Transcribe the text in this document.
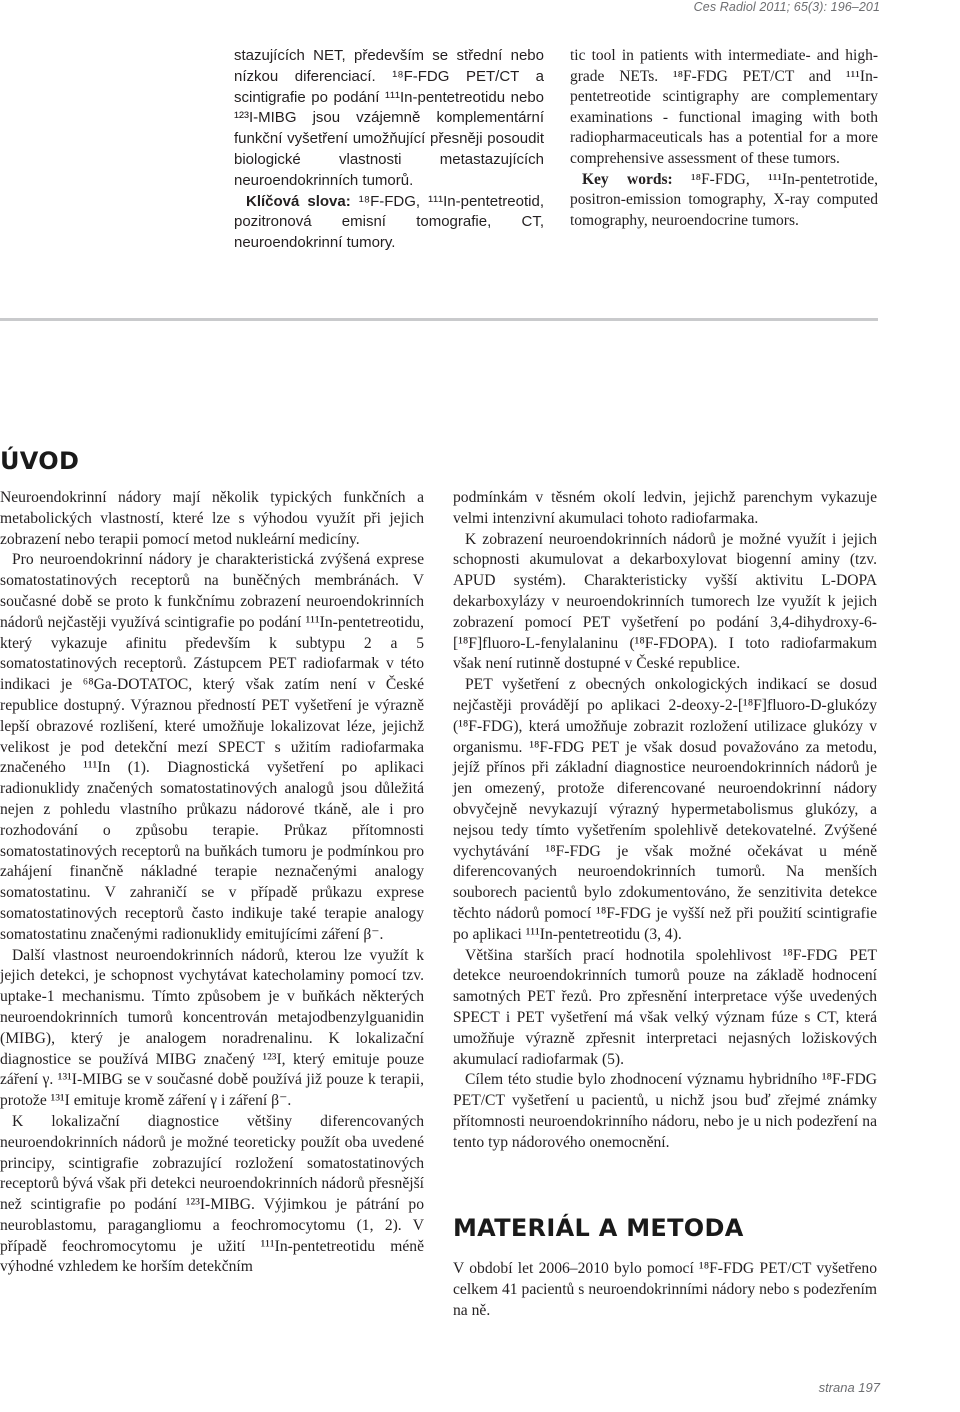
Ces Radiol 2011; 65(3): 196–201

stazujících NET, především se střední nebo nízkou diferenciací. ¹⁸F-FDG PET/CT a scintigrafie po podání ¹¹¹In-pentetreotidu nebo ¹²³I-MIBG jsou vzájemně komplementární funkční vyšetření umožňující přesněji posoudit biologické vlastnosti metastazujících neuroendokrinních tumorů.

Klíčová slova: ¹⁸F-FDG, ¹¹¹In-pentetreotid, pozitronová emisní tomografie, CT, neuroendokrinní tumory.

tic tool in patients with intermediate- and high-grade NETs. ¹⁸F-FDG PET/CT and ¹¹¹In-pentetreotide scintigraphy are complementary examinations - functional imaging with both radiopharmaceuticals has a potential for a more comprehensive assessment of these tumors.

Key words: ¹⁸F-FDG, ¹¹¹In-pentetrotide, positron-emission tomography, X-ray computed tomography, neuroendocrine tumors.

ÚVOD

Neuroendokrinní nádory mají několik typických funkčních a metabolických vlastností, které lze s výhodou využít při jejich zobrazení nebo terapii pomocí metod nukleární medicíny.

Pro neuroendokrinní nádory je charakteristická zvýšená exprese somatostatinových receptorů na buněčných membránách. V současné době se proto k funkčnímu zobrazení neuroendokrinních nádorů nejčastěji využívá scintigrafie po podání ¹¹¹In-pentetreotidu, který vykazuje afinitu především k subtypu 2 a 5 somatostatinových receptorů. Zástupcem PET radiofarmak v této indikaci je ⁶⁸Ga-DOTATOC, který však zatím není v České republice dostupný. Výraznou předností PET vyšetření je výrazně lepší obrazové rozlišení, které umožňuje lokalizovat léze, jejichž velikost je pod detekční mezí SPECT s užitím radiofarmaka značeného ¹¹¹In (1). Diagnostická vyšetření po aplikaci radionuklidy značených somatostatinových analogů jsou důležitá nejen z pohledu vlastního průkazu nádorové tkáně, ale i pro rozhodování o způsobu terapie. Průkaz přítomnosti somatostatinových receptorů na buňkách tumoru je podmínkou pro zahájení finančně nákladné terapie neznačenými analogy somatostatinu. V zahraničí se v případě průkazu exprese somatostatinových receptorů často indikuje také terapie analogy somatostatinu značenými radionuklidy emitujícími záření β⁻.

Další vlastnost neuroendokrinních nádorů, kterou lze využít k jejich detekci, je schopnost vychytávat katecholaminy pomocí tzv. uptake-1 mechanismu. Tímto způsobem je v buňkách některých neuroendokrinních tumorů koncentrován metajodbenzylguanidin (MIBG), který je analogem noradrenalinu. K lokalizační diagnostice se používá MIBG značený ¹²³I, který emituje pouze záření γ. ¹³¹I-MIBG se v současné době používá již pouze k terapii, protože ¹³¹I emituje kromě záření γ i záření β⁻.

K lokalizační diagnostice většiny diferencovaných neuroendokrinních nádorů je možné teoreticky použít oba uvedené principy, scintigrafie zobrazující rozložení somatostatinových receptorů bývá však při detekci neuroendokrinních nádorů přesnější než scintigrafie po podání ¹²³I-MIBG. Výjimkou je pátrání po neuroblastomu, paragangliomu a feochromocytomu (1, 2). V případě feochromocytomu je užití ¹¹¹In-pentetreotidu méně výhodné vzhledem ke horším detekčním

podmínkám v těsném okolí ledvin, jejichž parenchym vykazuje velmi intenzivní akumulaci tohoto radiofarmaka.

K zobrazení neuroendokrinních nádorů je možné využít i jejich schopnosti akumulovat a dekarboxylovat biogenní aminy (tzv. APUD systém). Charakteristicky vyšší aktivitu L-DOPA dekarboxylázy v neuroendokrinních tumorech lze využít k jejich zobrazení pomocí PET vyšetření po podání 3,4-dihydroxy-6-[¹⁸F]fluoro-L-fenylalaninu (¹⁸F-FDOPA). I toto radiofarmakum však není rutinně dostupné v České republice.

PET vyšetření z obecných onkologických indikací se dosud nejčastěji provádějí po aplikaci 2-deoxy-2-[¹⁸F]fluoro-D-glukózy (¹⁸F-FDG), která umožňuje zobrazit rozložení utilizace glukózy v organismu. ¹⁸F-FDG PET je však dosud považováno za metodu, jejíž přínos při základní diagnostice neuroendokrinních nádorů je jen omezený, protože diferencované neuroendokrinní nádory obvyčejně nevykazují výrazný hypermetabolismus glukózy, a nejsou tedy tímto vyšetřením spolehlivě detekovatelné. Zvýšené vychytávání ¹⁸F-FDG je však možné očekávat u méně diferencovaných neuroendokrinních tumorů. Na menších souborech pacientů bylo zdokumentováno, že senzitivita detekce těchto nádorů pomocí ¹⁸F-FDG je vyšší než při použití scintigrafie po aplikaci ¹¹¹In-pentetreotidu (3, 4).

Většina starších prací hodnotila spolehlivost ¹⁸F-FDG PET detekce neuroendokrinních tumorů pouze na základě hodnocení samotných PET řezů. Pro zpřesnění interpretace výše uvedených SPECT i PET vyšetření má však velký význam fúze s CT, která umožňuje výrazně zpřesnit interpretaci nejasných ložiskových akumulací radiofarmak (5).

Cílem této studie bylo zhodnocení významu hybridního ¹⁸F-FDG PET/CT vyšetření u pacientů, u nichž jsou buď zřejmé známky přítomnosti neuroendokrinního nádoru, nebo je u nich podezření na tento typ nádorového onemocnění.

MATERIÁL A METODA

V období let 2006–2010 bylo pomocí ¹⁸F-FDG PET/CT vyšetřeno celkem 41 pacientů s neuroendokrinními nádory nebo s podezřením na ně.

strana 197
